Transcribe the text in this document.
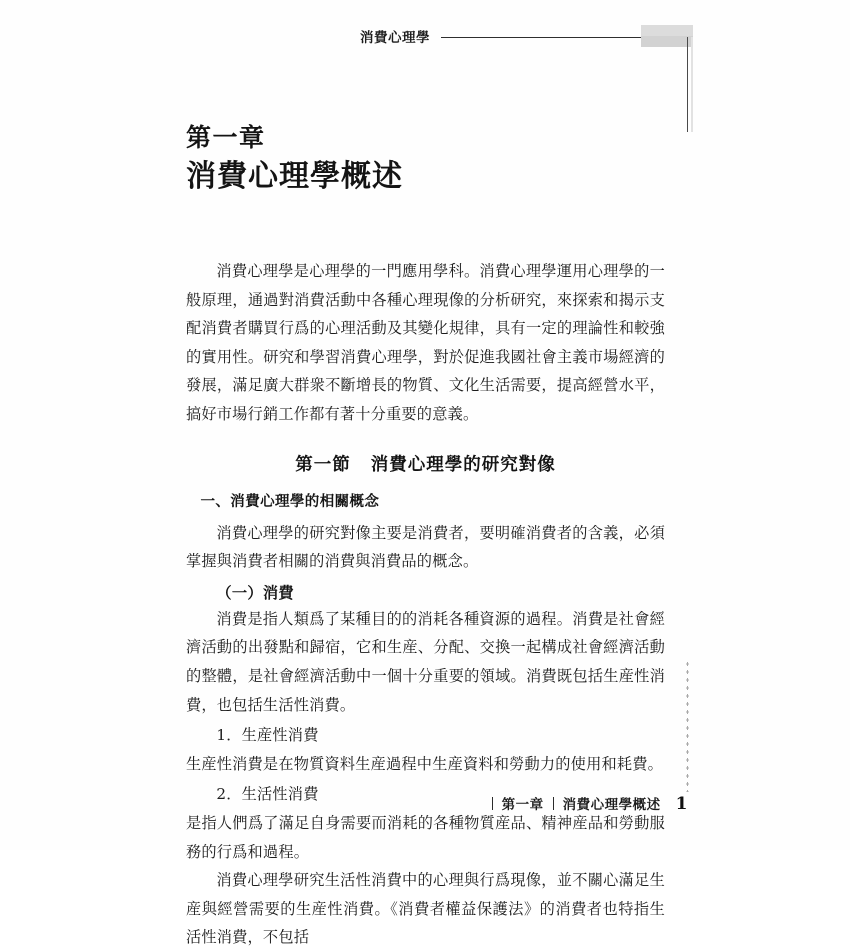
消費心理學
第一章
消費心理學概述

消費心理學是心理學的一門應用學科。消費心理學運用心理學的一般原理，通過對消費活動中各種心理現像的分析研究，來探索和揭示支配消費者購買行爲的心理活動及其變化規律，具有一定的理論性和較強的實用性。研究和學習消費心理學，對於促進我國社會主義市場經濟的發展，滿足廣大群衆不斷增長的物質、文化生活需要，提高經營水平，搞好市場行銷工作都有著十分重要的意義。

第一節 消費心理學的研究對像
一、消費心理學的相關概念

消費心理學的研究對像主要是消費者，要明確消費者的含義，必須掌握與消費者相關的消費與消費品的概念。

（一）消費

消費是指人類爲了某種目的的消耗各種資源的過程。消費是社會經濟活動的出發點和歸宿，它和生産、分配、交換一起構成社會經濟活動的整體，是社會經濟活動中一個十分重要的領域。消費既包括生産性消費，也包括生活性消費。

1．生産性消費

生産性消費是在物質資料生産過程中生産資料和勞動力的使用和耗費。

2．生活性消費

是指人們爲了滿足自身需要而消耗的各種物質産品、精神産品和勞動服務的行爲和過程。

消費心理學研究生活性消費中的心理與行爲現像，並不關心滿足生産與經營需要的生産性消費。《消費者權益保護法》的消費者也特指生活性消費，不包括

第一章 消費心理學概述 1
